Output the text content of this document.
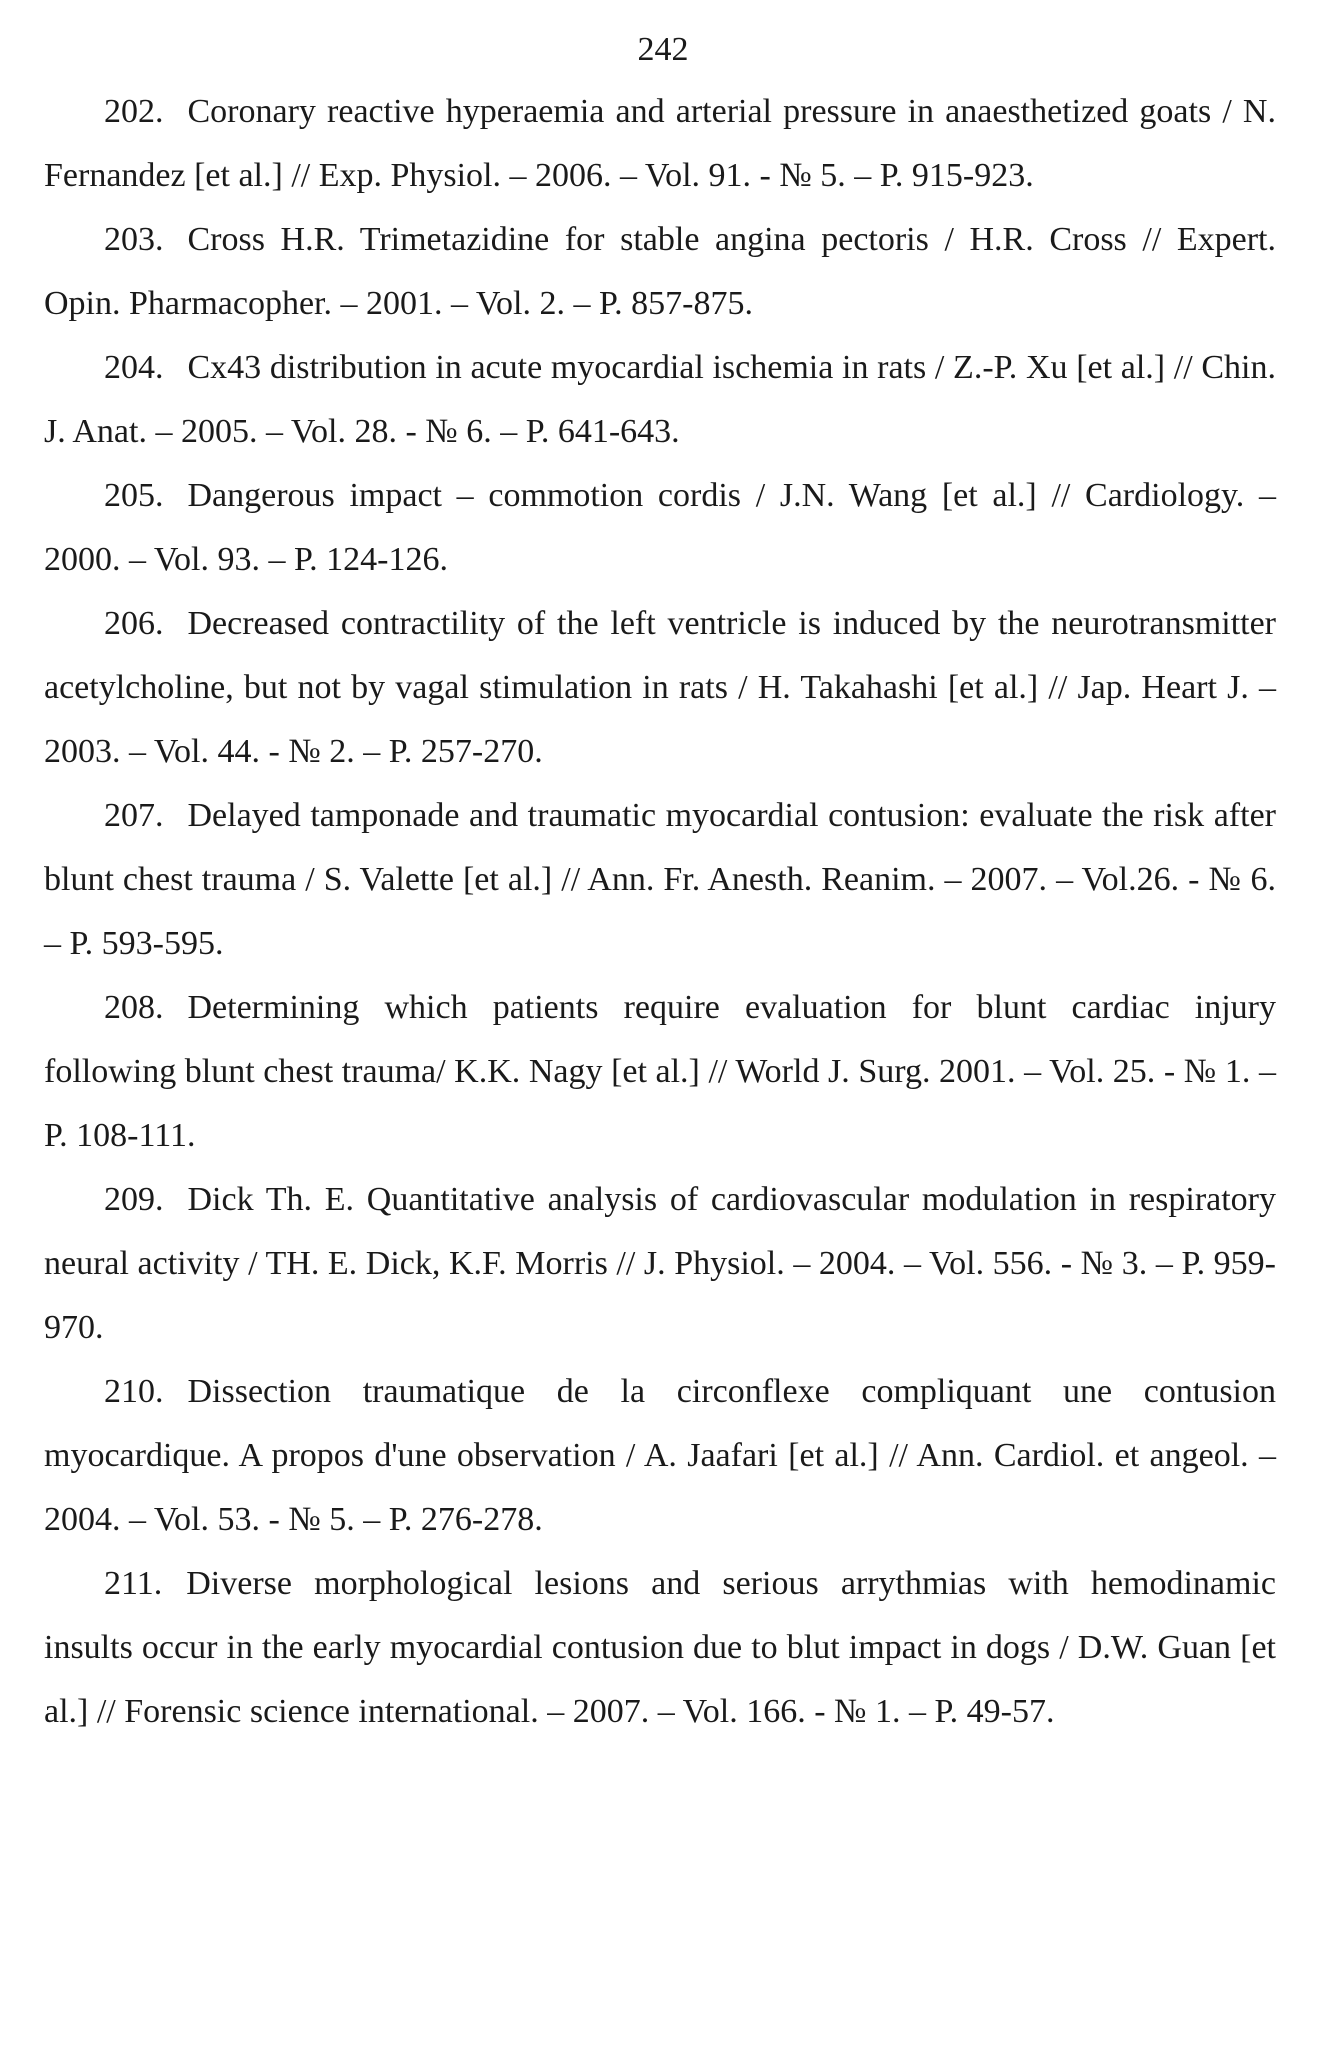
242

202. Coronary reactive hyperaemia and arterial pressure in anaesthetized goats / N. Fernandez [et al.] // Exp. Physiol. – 2006. – Vol. 91. - № 5. – P. 915-923.

203. Cross H.R. Trimetazidine for stable angina pectoris / H.R. Cross // Expert. Opin. Pharmacopher. – 2001. – Vol. 2. – P. 857-875.

204. Cx43 distribution in acute myocardial ischemia in rats / Z.-P. Xu [et al.] // Chin. J. Anat. – 2005. – Vol. 28. - № 6. – P. 641-643.

205. Dangerous impact – commotion cordis / J.N. Wang [et al.] // Cardiology. – 2000. – Vol. 93. – P. 124-126.

206. Decreased contractility of the left ventricle is induced by the neurotransmitter acetylcholine, but not by vagal stimulation in rats / H. Takahashi [et al.] // Jap. Heart J. – 2003. – Vol. 44. - № 2. – P. 257-270.

207. Delayed tamponade and traumatic myocardial contusion: evaluate the risk after blunt chest trauma / S. Valette [et al.] // Ann. Fr. Anesth. Reanim. – 2007. – Vol.26. - № 6. – P. 593-595.

208. Determining which patients require evaluation for blunt cardiac injury following blunt chest trauma/ K.K. Nagy [et al.] // World J. Surg. 2001. – Vol. 25. - № 1. – P. 108-111.

209. Dick Th. E. Quantitative analysis of cardiovascular modulation in respiratory neural activity / TH. E. Dick, K.F. Morris // J. Physiol. – 2004. – Vol. 556. - № 3. – P. 959-970.

210. Dissection traumatique de la circonflexe compliquant une contusion myocardique. A propos d'une observation / A. Jaafari [et al.] // Ann. Cardiol. et angeol. – 2004. – Vol. 53. - № 5. – P. 276-278.

211. Diverse morphological lesions and serious arrythmias with hemodinamic insults occur in the early myocardial contusion due to blut impact in dogs / D.W. Guan [et al.] // Forensic science international. – 2007. – Vol. 166. - № 1. – P. 49-57.
